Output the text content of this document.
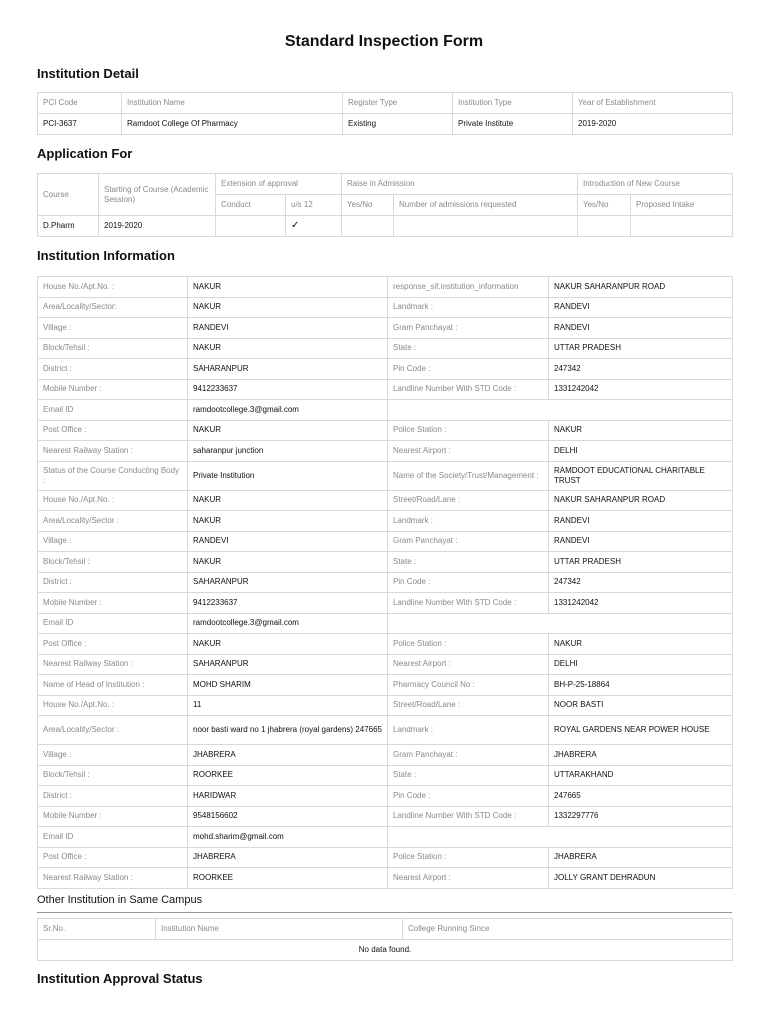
Standard Inspection Form
Institution Detail
PCI Code	Institution Name	Register Type	Institution Type	Year of Establishment
PCI-3637	Ramdoot College Of Pharmacy	Existing	Private Institute	2019-2020
Application For
Course	Starting of Course (Academic Session)	Extension of approval		Raise in Admission		Introduction of New Course	
		Conduct	u/s 12	Yes/No	Number of admissions requested	Yes/No	Proposed Intake
D.Pharm	2019-2020		✓				
Institution Information
House No./Apt.No. :	NAKUR	response_sif.institution_information	NAKUR SAHARANPUR ROAD
Area/Locality/Sector:	NAKUR	Landmark :	RANDEVI
Village :	RANDEVI	Gram Panchayat :	RANDEVI
Block/Tehsil :	NAKUR	State :	UTTAR PRADESH
District :	SAHARANPUR	Pin Code :	247342
Mobile Number :	9412233637	Landline Number With STD Code :	1331242042
Email ID	ramdootcollege.3@gmail.com		
Post Office :	NAKUR	Police Station :	NAKUR
Nearest Railway Station :	saharanpur junction	Nearest Airport :	DELHI
Status of the Course Conducting Body :	Private Institution	Name of the Society/Trust/Management :	RAMDOOT EDUCATIONAL CHARITABLE TRUST
House No./Apt.No. :	NAKUR	Street/Road/Lane :	NAKUR SAHARANPUR ROAD
Area/Locality/Sector :	NAKUR	Landmark :	RANDEVI
Village :	RANDEVI	Gram Panchayat :	RANDEVI
Block/Tehsil :	NAKUR	State :	UTTAR PRADESH
District :	SAHARANPUR	Pin Code :	247342
Mobile Number :	9412233637	Landline Number With STD Code :	1331242042
Email ID	ramdootcollege.3@gmail.com		
Post Office :	NAKUR	Police Station :	NAKUR
Nearest Railway Station :	SAHARANPUR	Nearest Airport :	DELHI
Name of Head of Institution :	MOHD SHARIM	Pharmacy Council No :	BH-P-25-18864
House No./Apt.No. :	11	Street/Road/Lane :	NOOR BASTI
Area/Locality/Sector :	noor basti ward no 1 jhabrera (royal gardens) 247665	Landmark :	ROYAL GARDENS NEAR POWER HOUSE
Village :	JHABRERA	Gram Panchayat :	JHABRERA
Block/Tehsil :	ROORKEE	State :	UTTARAKHAND
District :	HARIDWAR	Pin Code :	247665
Mobile Number :	9548156602	Landline Number With STD Code :	1332297776
Email ID	mohd.sharim@gmail.com		
Post Office :	JHABRERA	Police Station :	JHABRERA
Nearest Railway Station :	ROORKEE	Nearest Airport :	JOLLY GRANT DEHRADUN
Other Institution in Same Campus
Sr.No.	Institution Name	College Running Since
No data found.
Institution Approval Status
